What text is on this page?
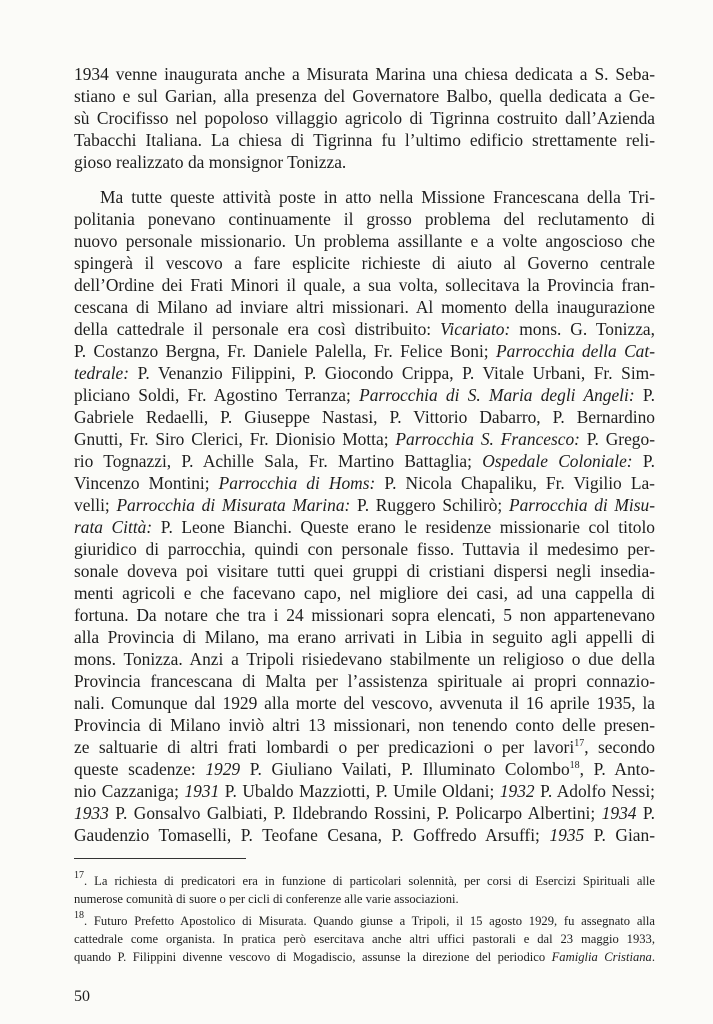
1934 venne inaugurata anche a Misurata Marina una chiesa dedicata a S. Seba-
stiano e sul Garian, alla presenza del Governatore Balbo, quella dedicata a Ge-
sù Crocifisso nel popoloso villaggio agricolo di Tigrinna costruito dall’Azienda
Tabacchi Italiana. La chiesa di Tigrinna fu l’ultimo edificio strettamente reli-
gioso realizzato da monsignor Tonizza.
Ma tutte queste attività poste in atto nella Missione Francescana della Tri-
politania ponevano continuamente il grosso problema del reclutamento di
nuovo personale missionario. Un problema assillante e a volte angoscioso che
spingerà il vescovo a fare esplicite richieste di aiuto al Governo centrale
dell’Ordine dei Frati Minori il quale, a sua volta, sollecitava la Provincia fran-
cescana di Milano ad inviare altri missionari. Al momento della inaugurazione
della cattedrale il personale era così distribuito: Vicariato: mons. G. Tonizza,
P. Costanzo Bergna, Fr. Daniele Palella, Fr. Felice Boni; Parrocchia della Cat-
tedrale: P. Venanzio Filippini, P. Giocondo Crippa, P. Vitale Urbani, Fr. Sim-
pliciano Soldi, Fr. Agostino Terranza; Parrocchia di S. Maria degli Angeli: P.
Gabriele Redaelli, P. Giuseppe Nastasi, P. Vittorio Dabarro, P. Bernardino
Gnutti, Fr. Siro Clerici, Fr. Dionisio Motta; Parrocchia S. Francesco: P. Grego-
rio Tognazzi, P. Achille Sala, Fr. Martino Battaglia; Ospedale Coloniale: P.
Vincenzo Montini; Parrocchia di Homs: P. Nicola Chapaliku, Fr. Vigilio La-
velli; Parrocchia di Misurata Marina: P. Ruggero Schilirò; Parrocchia di Misu-
rata Città: P. Leone Bianchi. Queste erano le residenze missionarie col titolo
giuridico di parrocchia, quindi con personale fisso. Tuttavia il medesimo per-
sonale doveva poi visitare tutti quei gruppi di cristiani dispersi negli insedia-
menti agricoli e che facevano capo, nel migliore dei casi, ad una cappella di
fortuna. Da notare che tra i 24 missionari sopra elencati, 5 non appartenevano
alla Provincia di Milano, ma erano arrivati in Libia in seguito agli appelli di
mons. Tonizza. Anzi a Tripoli risiedevano stabilmente un religioso o due della
Provincia francescana di Malta per l’assistenza spirituale ai propri connazio-
nali. Comunque dal 1929 alla morte del vescovo, avvenuta il 16 aprile 1935, la
Provincia di Milano inviò altri 13 missionari, non tenendo conto delle presen-
ze saltuarie di altri frati lombardi o per predicazioni o per lavori$^{17}$, secondo
queste scadenze: 1929 P. Giuliano Vailati, P. Illuminato Colombo$^{18}$, P. Anto-
nio Cazzaniga; 1931 P. Ubaldo Mazziotti, P. Umile Oldani; 1932 P. Adolfo Nessi;
1933 P. Gonsalvo Galbiati, P. Ildebrando Rossini, P. Policarpo Albertini; 1934 P.
Gaudenzio Tomaselli, P. Teofane Cesana, P. Goffredo Arsuffi; 1935 P. Gian-
$^{17}$. La richiesta di predicatori era in funzione di particolari solennità, per corsi di Esercizi Spirituali alle
numerose comunità di suore o per cicli di conferenze alle varie associazioni.
$^{18}$. Futuro Prefetto Apostolico di Misurata. Quando giunse a Tripoli, il 15 agosto 1929, fu assegnato alla
cattedrale come organista. In pratica però esercitava anche altri uffici pastorali e dal 23 maggio 1933,
quando P. Filippini divenne vescovo di Mogadiscio, assunse la direzione del periodico Famiglia Cristiana.
50
